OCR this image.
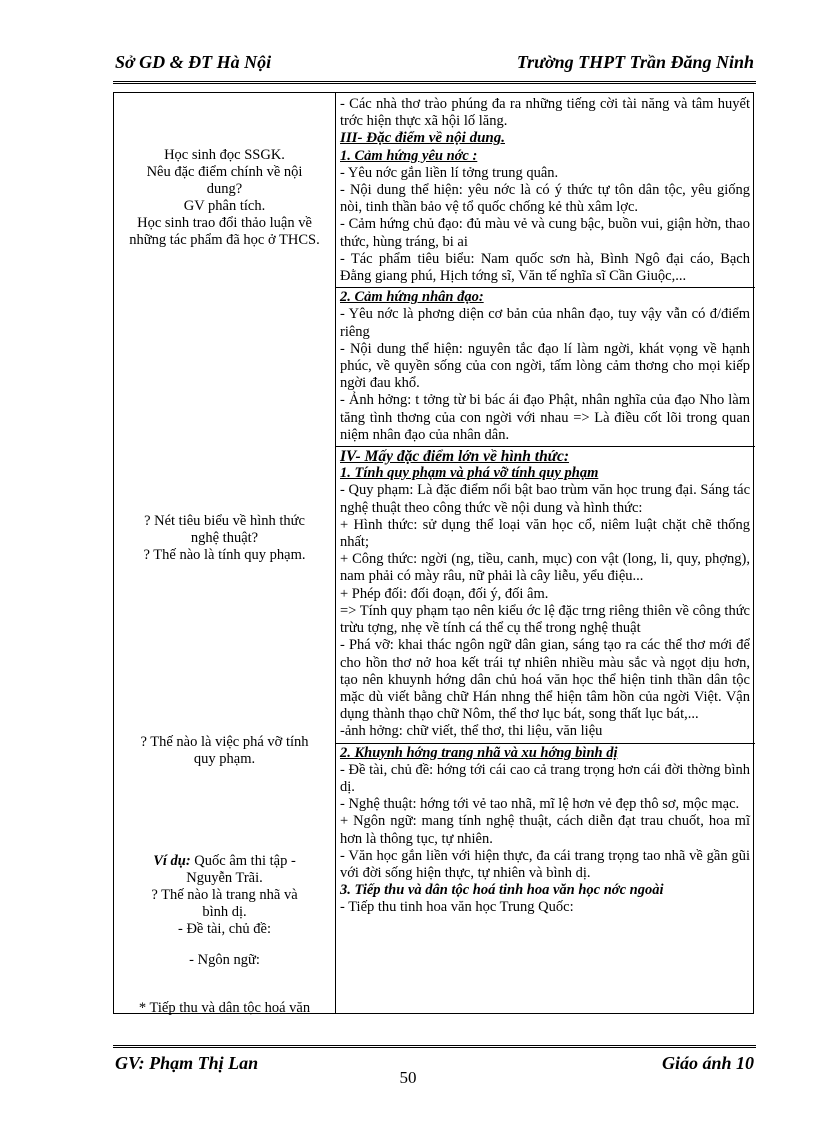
Sở GD & ĐT Hà Nội	Trường THPT Trần Đăng Ninh
Học sinh đọc SSGK.
Nêu đặc điểm chính về nội dung?
GV phân tích.
Học sinh trao đổi thảo luận về những tác phẩm đã học ở THCS.
? Nét tiêu biểu về hình thức nghệ thuật?
? Thế nào là tính quy phạm.
? Thế nào là việc phá vỡ tính quy phạm.
Ví dụ: Quốc âm thi tập - Nguyễn Trãi.
? Thế nào là trang nhã và bình dị.
- Đề tài, chủ đề:
- Ngôn ngữ:
* Tiếp thu và dân tộc hoá văn

- Các nhà thơ trào phúng đa ra những tiếng cời tài năng và tâm huyết trớc hiện thực xã hội lố lăng.

III- Đặc điểm về nội dung.

1. Cảm hứng yêu nớc :

- Yêu nớc gắn liền lí tởng trung quân.

- Nội dung thể hiện: yêu nớc là có ý thức tự tôn dân tộc, yêu giống nòi, tinh thần bảo vệ tổ quốc chống kẻ thù xâm lợc.

- Cảm hứng chủ đạo: đủ màu vẻ và cung bậc, buồn vui, giận hờn, thao thức, hùng tráng, bi ai

- Tác phẩm tiêu biểu: Nam quốc sơn hà, Bình Ngô đại cáo, Bạch Đằng giang phú, Hịch tớng sĩ, Văn tế nghĩa sĩ Cần Giuộc,...

2. Cảm hứng nhân đạo:

- Yêu nớc là phơng diện cơ bản của nhân đạo, tuy vậy vẫn có đ/điểm riêng

- Nội dung thể hiện: nguyên tắc đạo lí làm ngời, khát vọng về hạnh phúc, về quyền sống của con ngời, tấm lòng cảm thơng cho mọi kiếp ngời đau khổ.

- Ảnh hởng: t tởng từ bi bác ái đạo Phật, nhân nghĩa của đạo Nho làm tăng tình thơng của con ngời với nhau => Là điều cốt lõi trong quan niệm nhân đạo của nhân dân.

IV- Mấy đặc điểm lớn về hình thức:

1. Tính quy phạm và phá vỡ tính quy phạm

- Quy phạm: Là đặc điểm nổi bật bao trùm văn học trung đại. Sáng tác nghệ thuật theo công thức về nội dung và hình thức:

+ Hình thức: sử dụng thể loại văn học cổ, niêm luật chặt chẽ thống nhất;

+ Công thức: ngời (ng, tiều, canh, mục) con vật (long, li, quy, phợng), nam phải có mày râu, nữ phải là cây liễu, yểu điệu...

+ Phép đối: đối đoạn, đối ý, đối âm.

=> Tính quy phạm tạo nên kiểu ớc lệ đặc trng riêng thiên về công thức trừu tợng, nhẹ về tính cá thể cụ thể trong nghệ thuật

- Phá vỡ: khai thác ngôn ngữ dân gian, sáng tạo ra các thể thơ mới để cho hồn thơ nở hoa kết trái tự nhiên nhiều màu sắc và ngọt dịu hơn, tạo nên khuynh hớng dân chủ hoá văn học thể hiện tinh thần dân tộc mặc dù viết bằng chữ Hán nhng thể hiện tâm hồn của ngời Việt. Vận dụng thành thạo chữ Nôm, thể thơ lục bát, song thất lục bát,...

-ảnh hởng: chữ viết, thể thơ, thi liệu, văn liệu

2. Khuynh hớng trang nhã và xu hớng bình dị

- Đề tài, chủ đề: hớng tới cái cao cả trang trọng hơn cái đời thờng bình dị.

- Nghệ thuật: hớng tới vẻ tao nhã, mĩ lệ hơn vẻ đẹp thô sơ, mộc mạc.

+ Ngôn ngữ: mang tính nghệ thuật, cách diễn đạt trau chuốt, hoa mĩ hơn là thông tục, tự nhiên.

- Văn học gắn liền với hiện thực, đa cái trang trọng tao nhã về gần gũi với đời sống hiện thực, tự nhiên và bình dị.

3. Tiếp thu và dân tộc hoá tinh hoa văn học nớc ngoài

- Tiếp thu tinh hoa văn học Trung Quốc:

GV: Phạm Thị Lan	Giáo ánh 10
50
